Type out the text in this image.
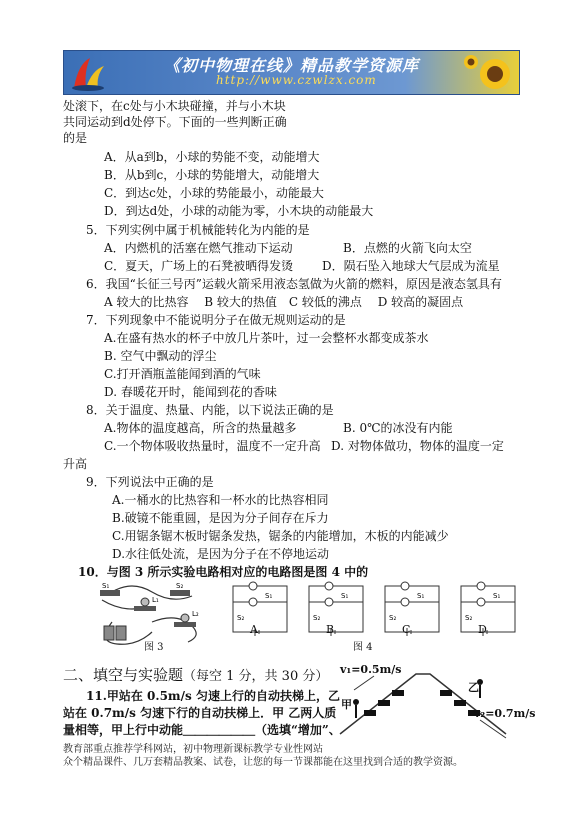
《初中物理在线》精品教学资源库
http://www.czwlzx.com
处滚下，在c处与小木块碰撞，并与小木块
共同运动到d处停下。下面的一些判断正确
的是
A．从a到b，小球的势能不变，动能增大
B．从b到c，小球的势能增大，动能增大
C．到达c处，小球的势能最小，动能最大
D．到达d处，小球的动能为零，小木块的动能最大
5．下列实例中属于机械能转化为内能的是
A．内燃机的活塞在燃气推动下运动	B．点燃的火箭飞向太空
C．夏天，广场上的石凳被晒得发烫 D．陨石坠入地球大气层成为流星
6．我国“长征三号丙”运载火箭采用液态氢做为火箭的燃料，原因是液态氢具有
A 较大的比热容　 B 较大的热值　C 较低的沸点　 D 较高的凝固点
7．下列现象中不能说明分子在做无规则运动的是
A.在盛有热水的杯子中放几片茶叶，过一会整杯水都变成茶水
B. 空气中飘动的浮尘
C.打开酒瓶盖能闻到酒的气味
D. 春暖花开时，能闻到花的香味
8．关于温度、热量、内能，以下说法正确的是
A.物体的温度越高，所含的热量越多	B. 0℃的冰没有内能
C.一个物体吸收热量时，温度不一定升高 D. 对物体做功，物体的温度一定
升高
9．下列说法中正确的是
A.一桶水的比热容和一杯水的比热容相同
B.破镜不能重圆，是因为分子间存在斥力
C.用锯条锯木板时锯条发热，锯条的内能增加，木板的内能减少
D.水往低处流，是因为分子在不停地运动
10．与图 3 所示实验电路相对应的电路图是图 4 中的
S₁	S₂
L₁
L₂
图 3
S₁	S₁	S₁	S₁
S₂	S₂	S₂	S₂
A	B	C	D
图 4
二、填空与实验题（每空 1 分，共 30 分）
11.甲站在 0.5m/s 匀速上行的自动扶梯上，乙
站在 0.7m/s 匀速下行的自动扶梯上．甲 乙两人质
量相等，甲上行中动能＿＿＿＿＿＿（选填“增加”、
v₁=0.5m/s
甲
乙
v₂=0.7m/s
教育部重点推荐学科网站，初中物理新课标教学专业性网站
众个精品课件、几万套精品教案、试卷，让您的每一节课都能在这里找到合适的教学资源。
